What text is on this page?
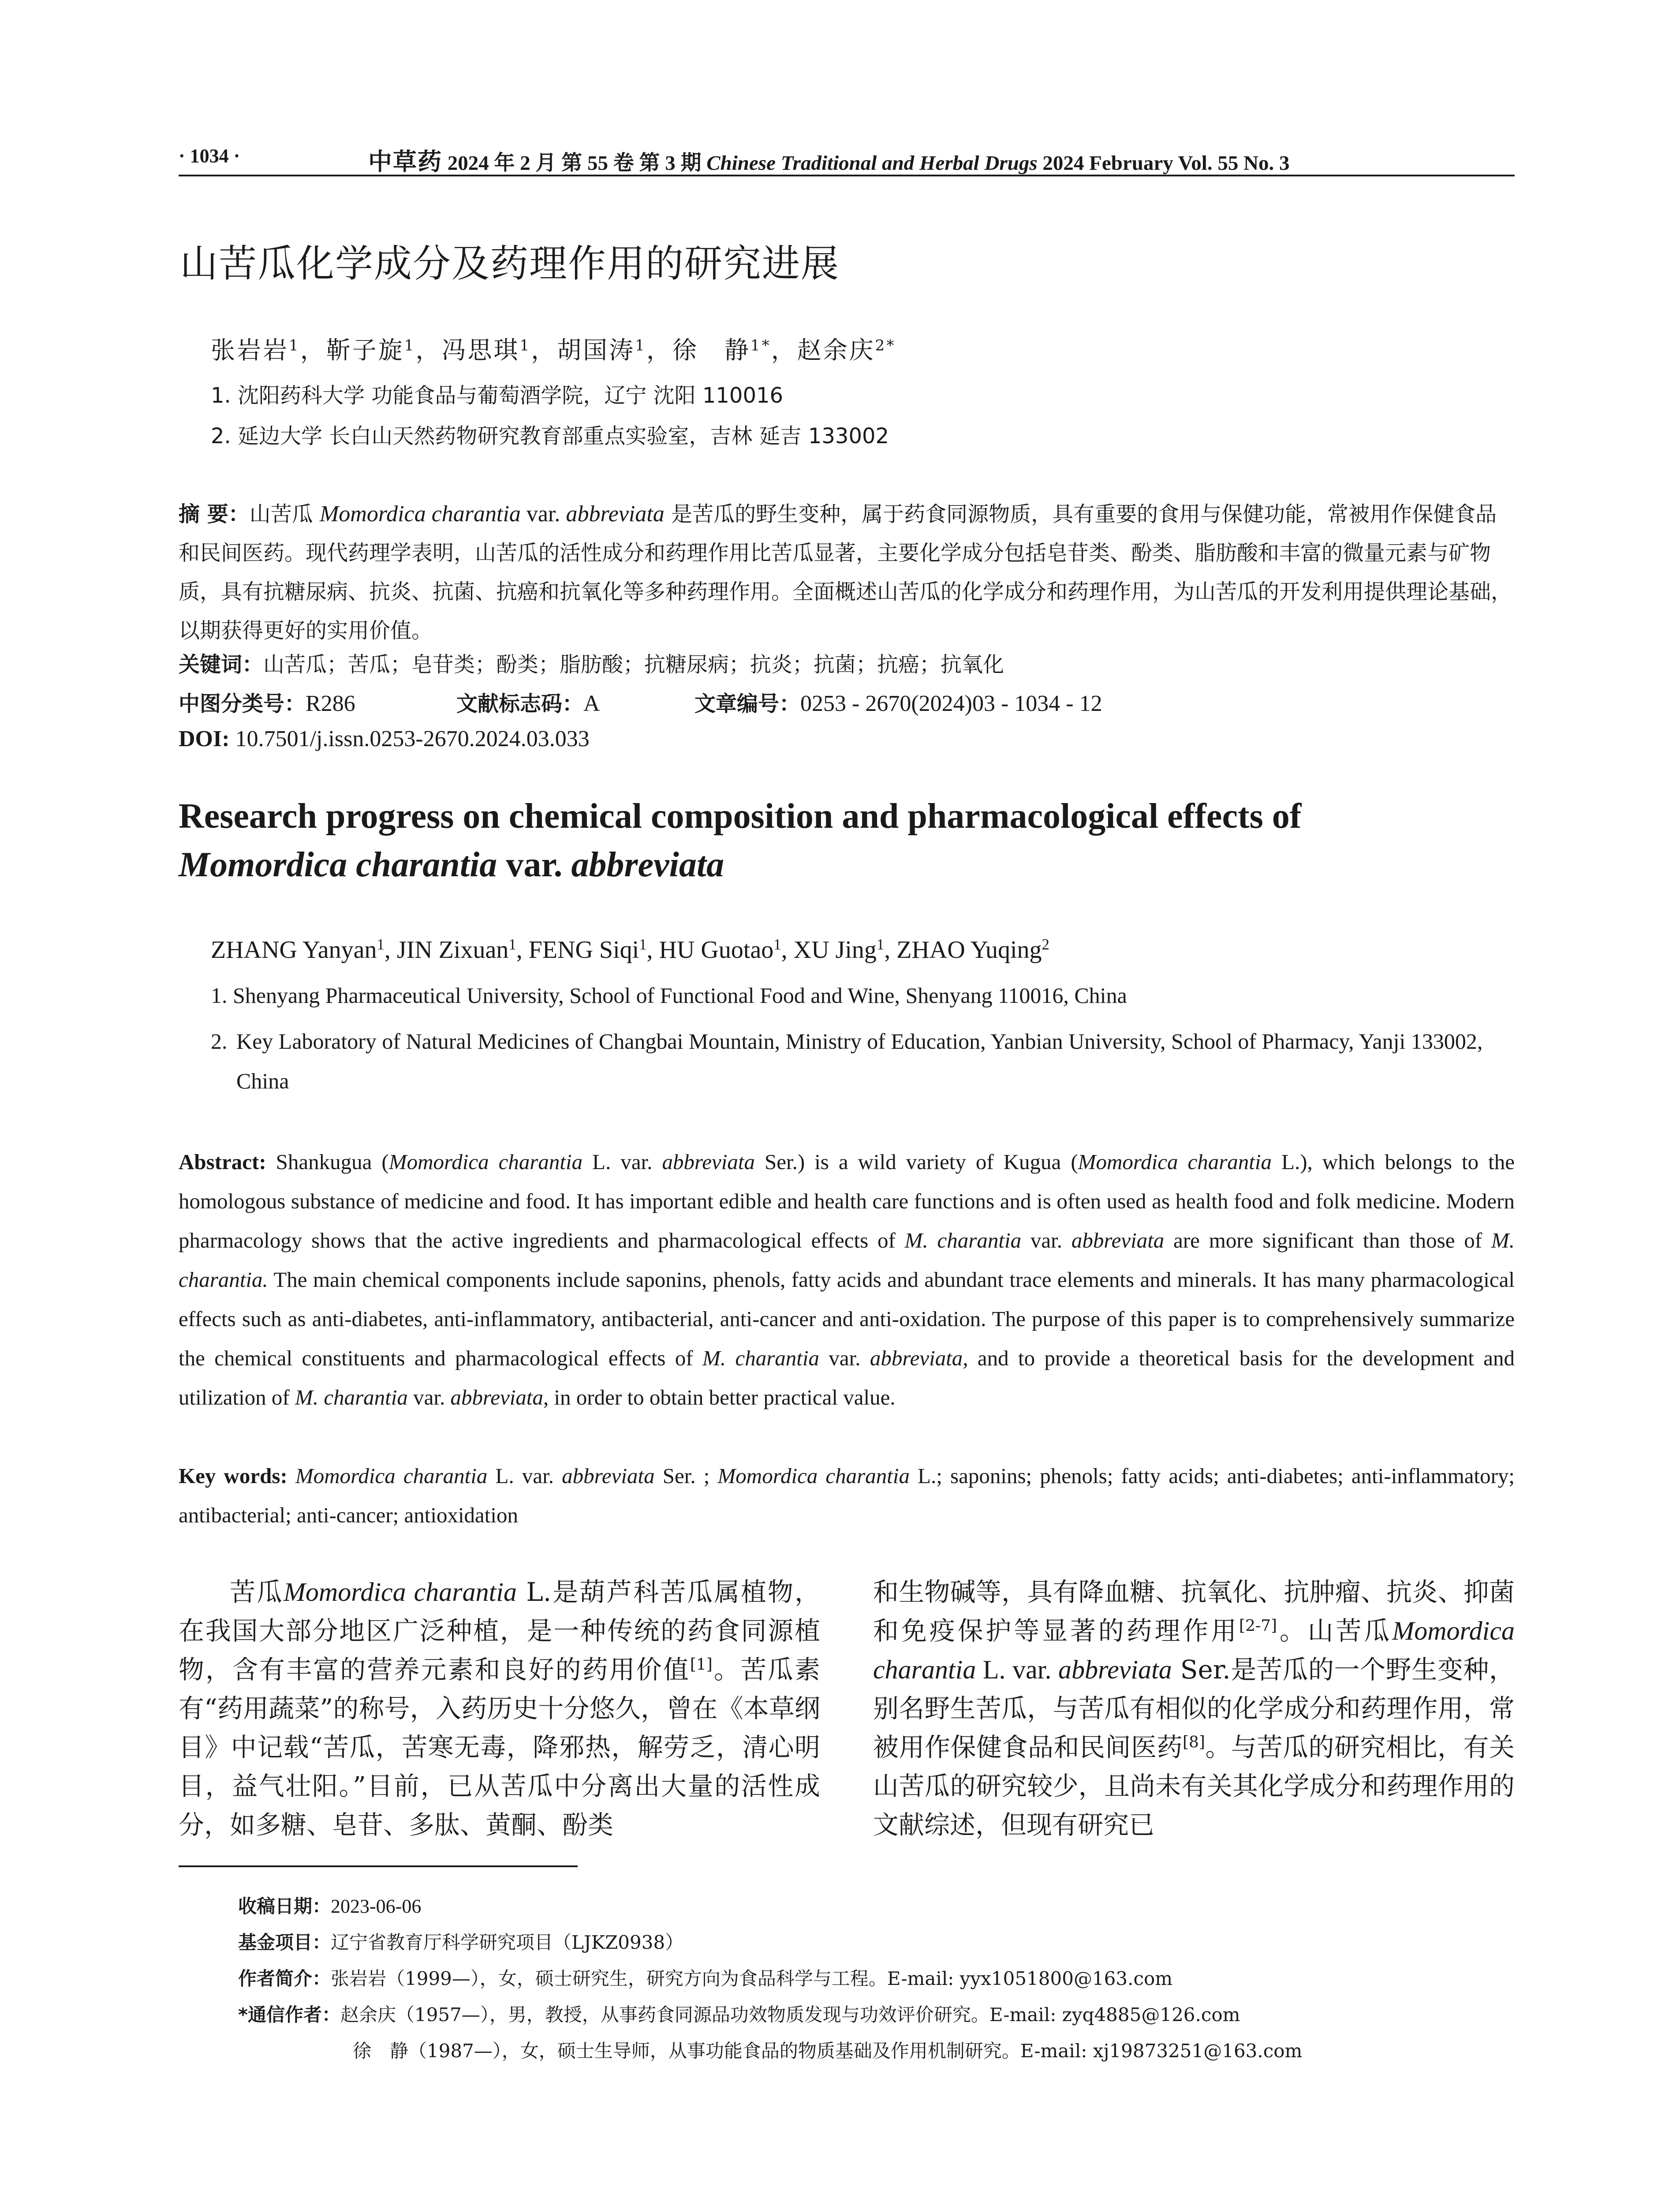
· 1034 ·	中草药 2024 年 2 月 第 55 卷 第 3 期 Chinese Traditional and Herbal Drugs 2024 February Vol. 55 No. 3
山苦瓜化学成分及药理作用的研究进展
张岩岩$^1$，靳子旋$^1$，冯思琪$^1$，胡国涛$^1$，徐　静$^{1*}$，赵余庆$^{2*}$
1. 沈阳药科大学 功能食品与葡萄酒学院，辽宁 沈阳 110016
2. 延边大学 长白山天然药物研究教育部重点实验室，吉林 延吉 133002
摘 要：山苦瓜 Momordica charantia var. abbreviata 是苦瓜的野生变种，属于药食同源物质，具有重要的食用与保健功能，常被用作保健食品和民间医药。现代药理学表明，山苦瓜的活性成分和药理作用比苦瓜显著，主要化学成分包括皂苷类、酚类、脂肪酸和丰富的微量元素与矿物质，具有抗糖尿病、抗炎、抗菌、抗癌和抗氧化等多种药理作用。全面概述山苦瓜的化学成分和药理作用，为山苦瓜的开发利用提供理论基础，以期获得更好的实用价值。
关键词：山苦瓜；苦瓜；皂苷类；酚类；脂肪酸；抗糖尿病；抗炎；抗菌；抗癌；抗氧化
中图分类号：R286	文献标志码：A	文章编号：0253 - 2670(2024)03 - 1034 - 12
DOI: 10.7501/j.issn.0253-2670.2024.03.033
Research progress on chemical composition and pharmacological effects of
Momordica charantia var. abbreviata
ZHANG Yanyan$^1$, JIN Zixuan$^1$, FENG Siqi$^1$, HU Guotao$^1$, XU Jing$^1$, ZHAO Yuqing$^2$
1. Shenyang Pharmaceutical University, School of Functional Food and Wine, Shenyang 110016, China
2. Key Laboratory of Natural Medicines of Changbai Mountain, Ministry of Education, Yanbian University, School of Pharmacy, Yanji 133002, China
Abstract: Shankugua (Momordica charantia L. var. abbreviata Ser.) is a wild variety of Kugua (Momordica charantia L.), which belongs to the homologous substance of medicine and food. It has important edible and health care functions and is often used as health food and folk medicine. Modern pharmacology shows that the active ingredients and pharmacological effects of M. charantia var. abbreviata are more significant than those of M. charantia. The main chemical components include saponins, phenols, fatty acids and abundant trace elements and minerals. It has many pharmacological effects such as anti-diabetes, anti-inflammatory, antibacterial, anti-cancer and anti-oxidation. The purpose of this paper is to comprehensively summarize the chemical constituents and pharmacological effects of M. charantia var. abbreviata, and to provide a theoretical basis for the development and utilization of M. charantia var. abbreviata, in order to obtain better practical value.
Key words: Momordica charantia L. var. abbreviata Ser. ; Momordica charantia L.; saponins; phenols; fatty acids; anti-diabetes; anti-inflammatory; antibacterial; anti-cancer; antioxidation
苦瓜Momordica charantia L.是葫芦科苦瓜属植物，在我国大部分地区广泛种植，是一种传统的药食同源植物，含有丰富的营养元素和良好的药用价值[1]。苦瓜素有“药用蔬菜”的称号，入药历史十分悠久，曾在《本草纲目》中记载“苦瓜，苦寒无毒，降邪热，解劳乏，清心明目，益气壮阳。”目前，已从苦瓜中分离出大量的活性成分，如多糖、皂苷、多肽、黄酮、酚类
和生物碱等，具有降血糖、抗氧化、抗肿瘤、抗炎、抑菌和免疫保护等显著的药理作用[2-7]。山苦瓜Momordica charantia L. var. abbreviata Ser.是苦瓜的一个野生变种，别名野生苦瓜，与苦瓜有相似的化学成分和药理作用，常被用作保健食品和民间医药[8]。与苦瓜的研究相比，有关山苦瓜的研究较少，且尚未有关其化学成分和药理作用的文献综述，但现有研究已
收稿日期：2023-06-06
基金项目：辽宁省教育厅科学研究项目（LJKZ0938）
作者简介：张岩岩（1999—），女，硕士研究生，研究方向为食品科学与工程。E-mail: yyx1051800@163.com
*通信作者：赵余庆（1957—），男，教授，从事药食同源品功效物质发现与功效评价研究。E-mail: zyq4885@126.com
徐　静（1987—），女，硕士生导师，从事功能食品的物质基础及作用机制研究。E-mail: xj19873251@163.com
